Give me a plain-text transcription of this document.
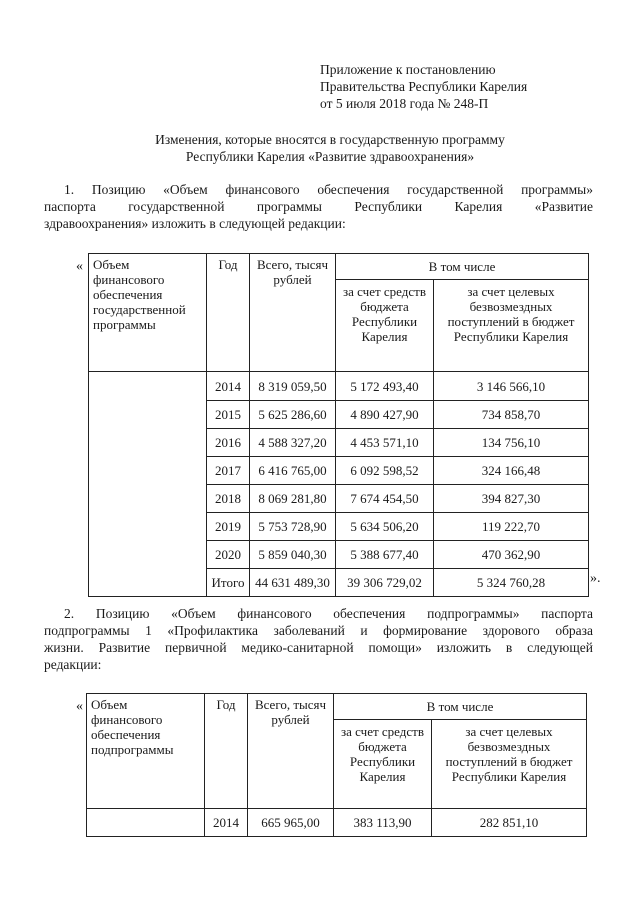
Приложение к постановлению
Правительства Республики Карелия
от 5 июля 2018 года № 248-П
Изменения, которые вносятся в государственную программу
Республики Карелия «Развитие здравоохранения»
1. Позицию «Объем финансового обеспечения государственной программы»
паспорта государственной программы Республики Карелия «Развитие
здравоохранения» изложить в следующей редакции:
« Объем финансового обеспечения государственной программы	Год	Всего, тысяч рублей	В том числе	
			за счет средств бюджета Республики Карелия	за счет целевых безвозмездных поступлений в бюджет Республики Карелия
	2014	8 319 059,50	5 172 493,40	3 146 566,10
	2015	5 625 286,60	4 890 427,90	734 858,70
	2016	4 588 327,20	4 453 571,10	134 756,10
	2017	6 416 765,00	6 092 598,52	324 166,48
	2018	8 069 281,80	7 674 454,50	394 827,30
	2019	5 753 728,90	5 634 506,20	119 222,70
	2020	5 859 040,30	5 388 677,40	470 362,90
	Итого	44 631 489,30	39 306 729,02	5 324 760,28	».
2. Позицию «Объем финансового обеспечения подпрограммы» паспорта
подпрограммы 1 «Профилактика заболеваний и формирование здорового образа
жизни. Развитие первичной медико-санитарной помощи» изложить в следующей
редакции:
« Объем финансового обеспечения подпрограммы	Год	Всего, тысяч рублей	В том числе	
			за счет средств бюджета Республики Карелия	за счет целевых безвозмездных поступлений в бюджет Республики Карелия
	2014	665 965,00	383 113,90	282 851,10
